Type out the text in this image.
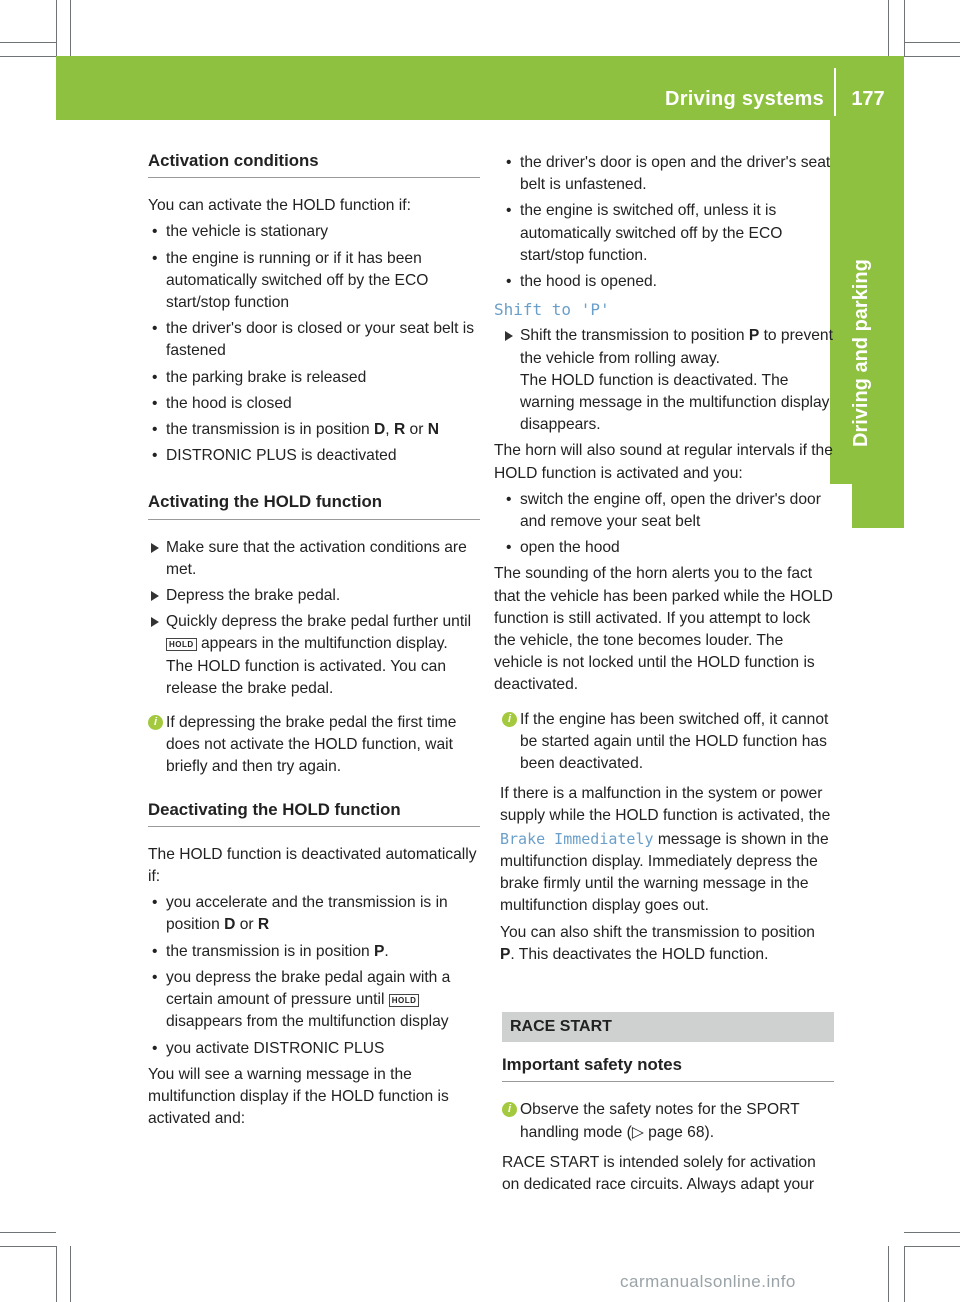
Driving systems	177
Driving and parking
Activation conditions
You can activate the HOLD function if:
• the vehicle is stationary
• the engine is running or if it has been automatically switched off by the ECO start/stop function
• the driver's door is closed or your seat belt is fastened
• the parking brake is released
• the hood is closed
• the transmission is in position D, R or N
• DISTRONIC PLUS is deactivated
Activating the HOLD function
Make sure that the activation conditions are met.
Depress the brake pedal.
Quickly depress the brake pedal further until HOLD appears in the multifunction display.
The HOLD function is activated. You can release the brake pedal.
i If depressing the brake pedal the first time does not activate the HOLD function, wait briefly and then try again.
Deactivating the HOLD function
The HOLD function is deactivated automatically if:
• you accelerate and the transmission is in position D or R
• the transmission is in position P.
• you depress the brake pedal again with a certain amount of pressure until HOLD disappears from the multifunction display
• you activate DISTRONIC PLUS
You will see a warning message in the multifunction display if the HOLD function is activated and:
• the driver's door is open and the driver's seat belt is unfastened.
• the engine is switched off, unless it is automatically switched off by the ECO start/stop function.
• the hood is opened.
Shift to 'P'
Shift the transmission to position P to prevent the vehicle from rolling away.
The HOLD function is deactivated. The warning message in the multifunction display disappears.
The horn will also sound at regular intervals if the HOLD function is activated and you:
• switch the engine off, open the driver's door and remove your seat belt
• open the hood
The sounding of the horn alerts you to the fact that the vehicle has been parked while the HOLD function is still activated. If you attempt to lock the vehicle, the tone becomes louder. The vehicle is not locked until the HOLD function is deactivated.
i If the engine has been switched off, it cannot be started again until the HOLD function has been deactivated.
If there is a malfunction in the system or power supply while the HOLD function is activated, the Brake Immediately message is shown in the multifunction display. Immediately depress the brake firmly until the warning message in the multifunction display goes out.
You can also shift the transmission to position P. This deactivates the HOLD function.
RACE START
Important safety notes
i Observe the safety notes for the SPORT handling mode (▷ page 68).
RACE START is intended solely for activation on dedicated race circuits. Always adapt your
carmanualsonline.info
